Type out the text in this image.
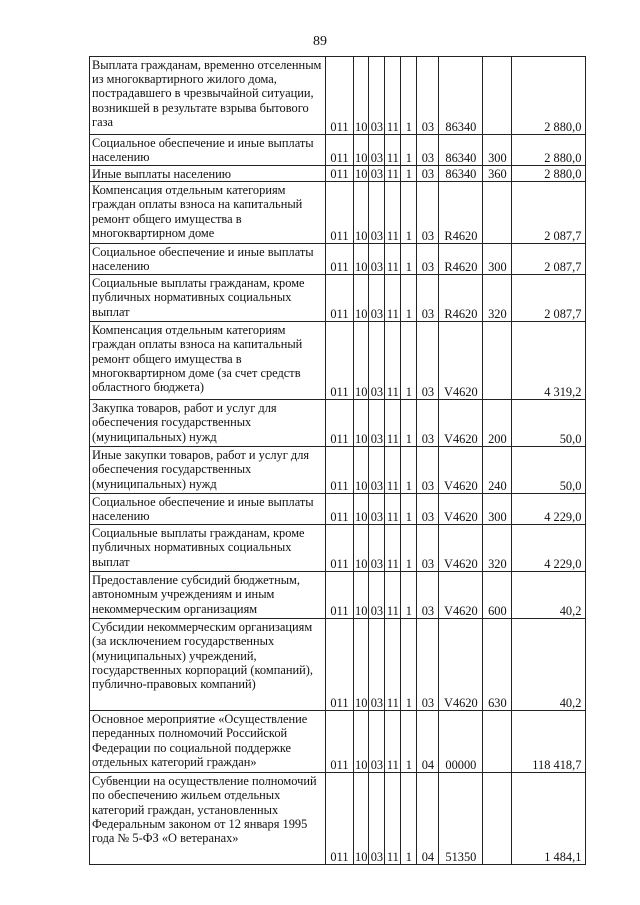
89
Выплата гражданам, временно отселенным из многоквартирного жилого дома, пострадавшего в чрезвычайной ситуации, возникшей в результате взрыва бытового газа	011	10	03	11	1	03	86340		2 880,0
Социальное обеспечение и иные выплаты населению	011	10	03	11	1	03	86340	300	2 880,0
Иные выплаты населению	011	10	03	11	1	03	86340	360	2 880,0
Компенсация отдельным категориям граждан оплаты взноса на капитальный ремонт общего имущества в многоквартирном доме	011	10	03	11	1	03	R4620		2 087,7
Социальное обеспечение и иные выплаты населению	011	10	03	11	1	03	R4620	300	2 087,7
Социальные выплаты гражданам, кроме публичных нормативных социальных выплат	011	10	03	11	1	03	R4620	320	2 087,7
Компенсация отдельным категориям граждан оплаты взноса на капитальный ремонт общего имущества в многоквартирном доме (за счет средств областного бюджета)	011	10	03	11	1	03	V4620		4 319,2
Закупка товаров, работ и услуг для обеспечения государственных (муниципальных) нужд	011	10	03	11	1	03	V4620	200	50,0
Иные закупки товаров, работ и услуг для обеспечения государственных (муниципальных) нужд	011	10	03	11	1	03	V4620	240	50,0
Социальное обеспечение и иные выплаты населению	011	10	03	11	1	03	V4620	300	4 229,0
Социальные выплаты гражданам, кроме публичных нормативных социальных выплат	011	10	03	11	1	03	V4620	320	4 229,0
Предоставление субсидий бюджетным, автономным учреждениям и иным некоммерческим организациям	011	10	03	11	1	03	V4620	600	40,2
Субсидии некоммерческим организациям (за исключением государственных (муниципальных) учреждений, государственных корпораций (компаний), публично-правовых компаний)	011	10	03	11	1	03	V4620	630	40,2
Основное мероприятие «Осуществление переданных полномочий Российской Федерации по социальной поддержке отдельных категорий граждан»	011	10	03	11	1	04	00000		118 418,7
Субвенции на осуществление полномочий по обеспечению жильем отдельных категорий граждан, установленных Федеральным законом от 12 января 1995 года № 5-ФЗ «О ветеранах»	011	10	03	11	1	04	51350		1 484,1
